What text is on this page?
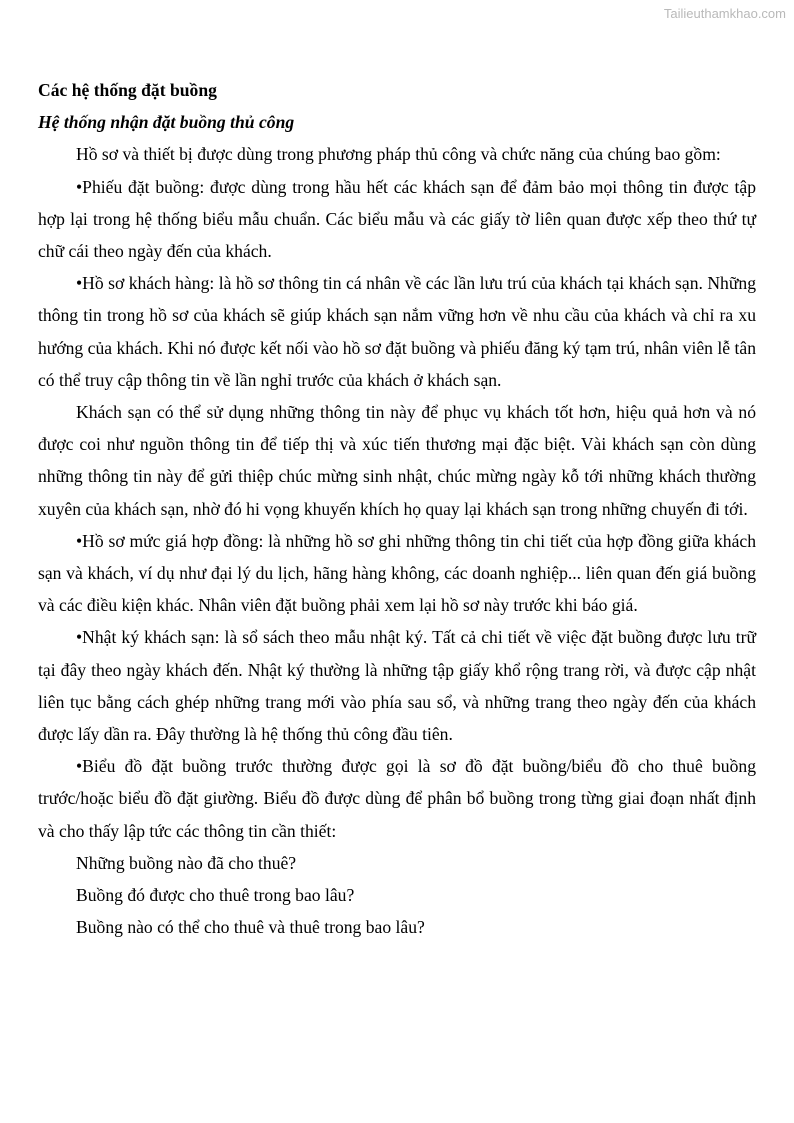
Tailieuthamkhao.com

Các hệ thống đặt buồng

Hệ thống nhận đặt buồng thủ công

Hồ sơ và thiết bị được dùng trong phương pháp thủ công và chức năng của chúng bao gồm:

• Phiếu đặt buồng: được dùng trong hầu hết các khách sạn để đảm bảo mọi thông tin được tập hợp lại trong hệ thống biểu mẫu chuẩn. Các biểu mẫu và các giấy tờ liên quan được xếp theo thứ tự chữ cái theo ngày đến của khách.

• Hồ sơ khách hàng: là hồ sơ thông tin cá nhân về các lần lưu trú của khách tại khách sạn. Những thông tin trong hồ sơ của khách sẽ giúp khách sạn nắm vững hơn về nhu cầu của khách và chỉ ra xu hướng của khách. Khi nó được kết nối vào hồ sơ đặt buồng và phiếu đăng ký tạm trú, nhân viên lễ tân có thể truy cập thông tin về lần nghỉ trước của khách ở khách sạn.

Khách sạn có thể sử dụng những thông tin này để phục vụ khách tốt hơn, hiệu quả hơn và nó được coi như nguồn thông tin để tiếp thị và xúc tiến thương mại đặc biệt. Vài khách sạn còn dùng những thông tin này để gửi thiệp chúc mừng sinh nhật, chúc mừng ngày kỗ tới những khách thường xuyên của khách sạn, nhờ đó hi vọng khuyến khích họ quay lại khách sạn trong những chuyến đi tới.

• Hồ sơ mức giá hợp đồng: là những hồ sơ ghi những thông tin chi tiết của hợp đồng giữa khách sạn và khách, ví dụ như đại lý du lịch, hãng hàng không, các doanh nghiệp... liên quan đến giá buồng và các điều kiện khác. Nhân viên đặt buồng phải xem lại hồ sơ này trước khi báo giá.

• Nhật ký khách sạn: là sổ sách theo mẫu nhật ký. Tất cả chi tiết về việc đặt buồng được lưu trữ tại đây theo ngày khách đến. Nhật ký thường là những tập giấy khổ rộng trang rời, và được cập nhật liên tục bằng cách ghép những trang mới vào phía sau sổ, và những trang theo ngày đến của khách được lấy dần ra. Đây thường là hệ thống thủ công đầu tiên.

• Biểu đồ đặt buồng trước thường được gọi là sơ đồ đặt buồng/biểu đồ cho thuê buồng trước/hoặc biểu đồ đặt giường. Biểu đồ được dùng để phân bổ buồng trong từng giai đoạn nhất định và cho thấy lập tức các thông tin cần thiết:

Những buồng nào đã cho thuê?

Buồng đó được cho thuê trong bao lâu?

Buồng nào có thể cho thuê và thuê trong bao lâu?
